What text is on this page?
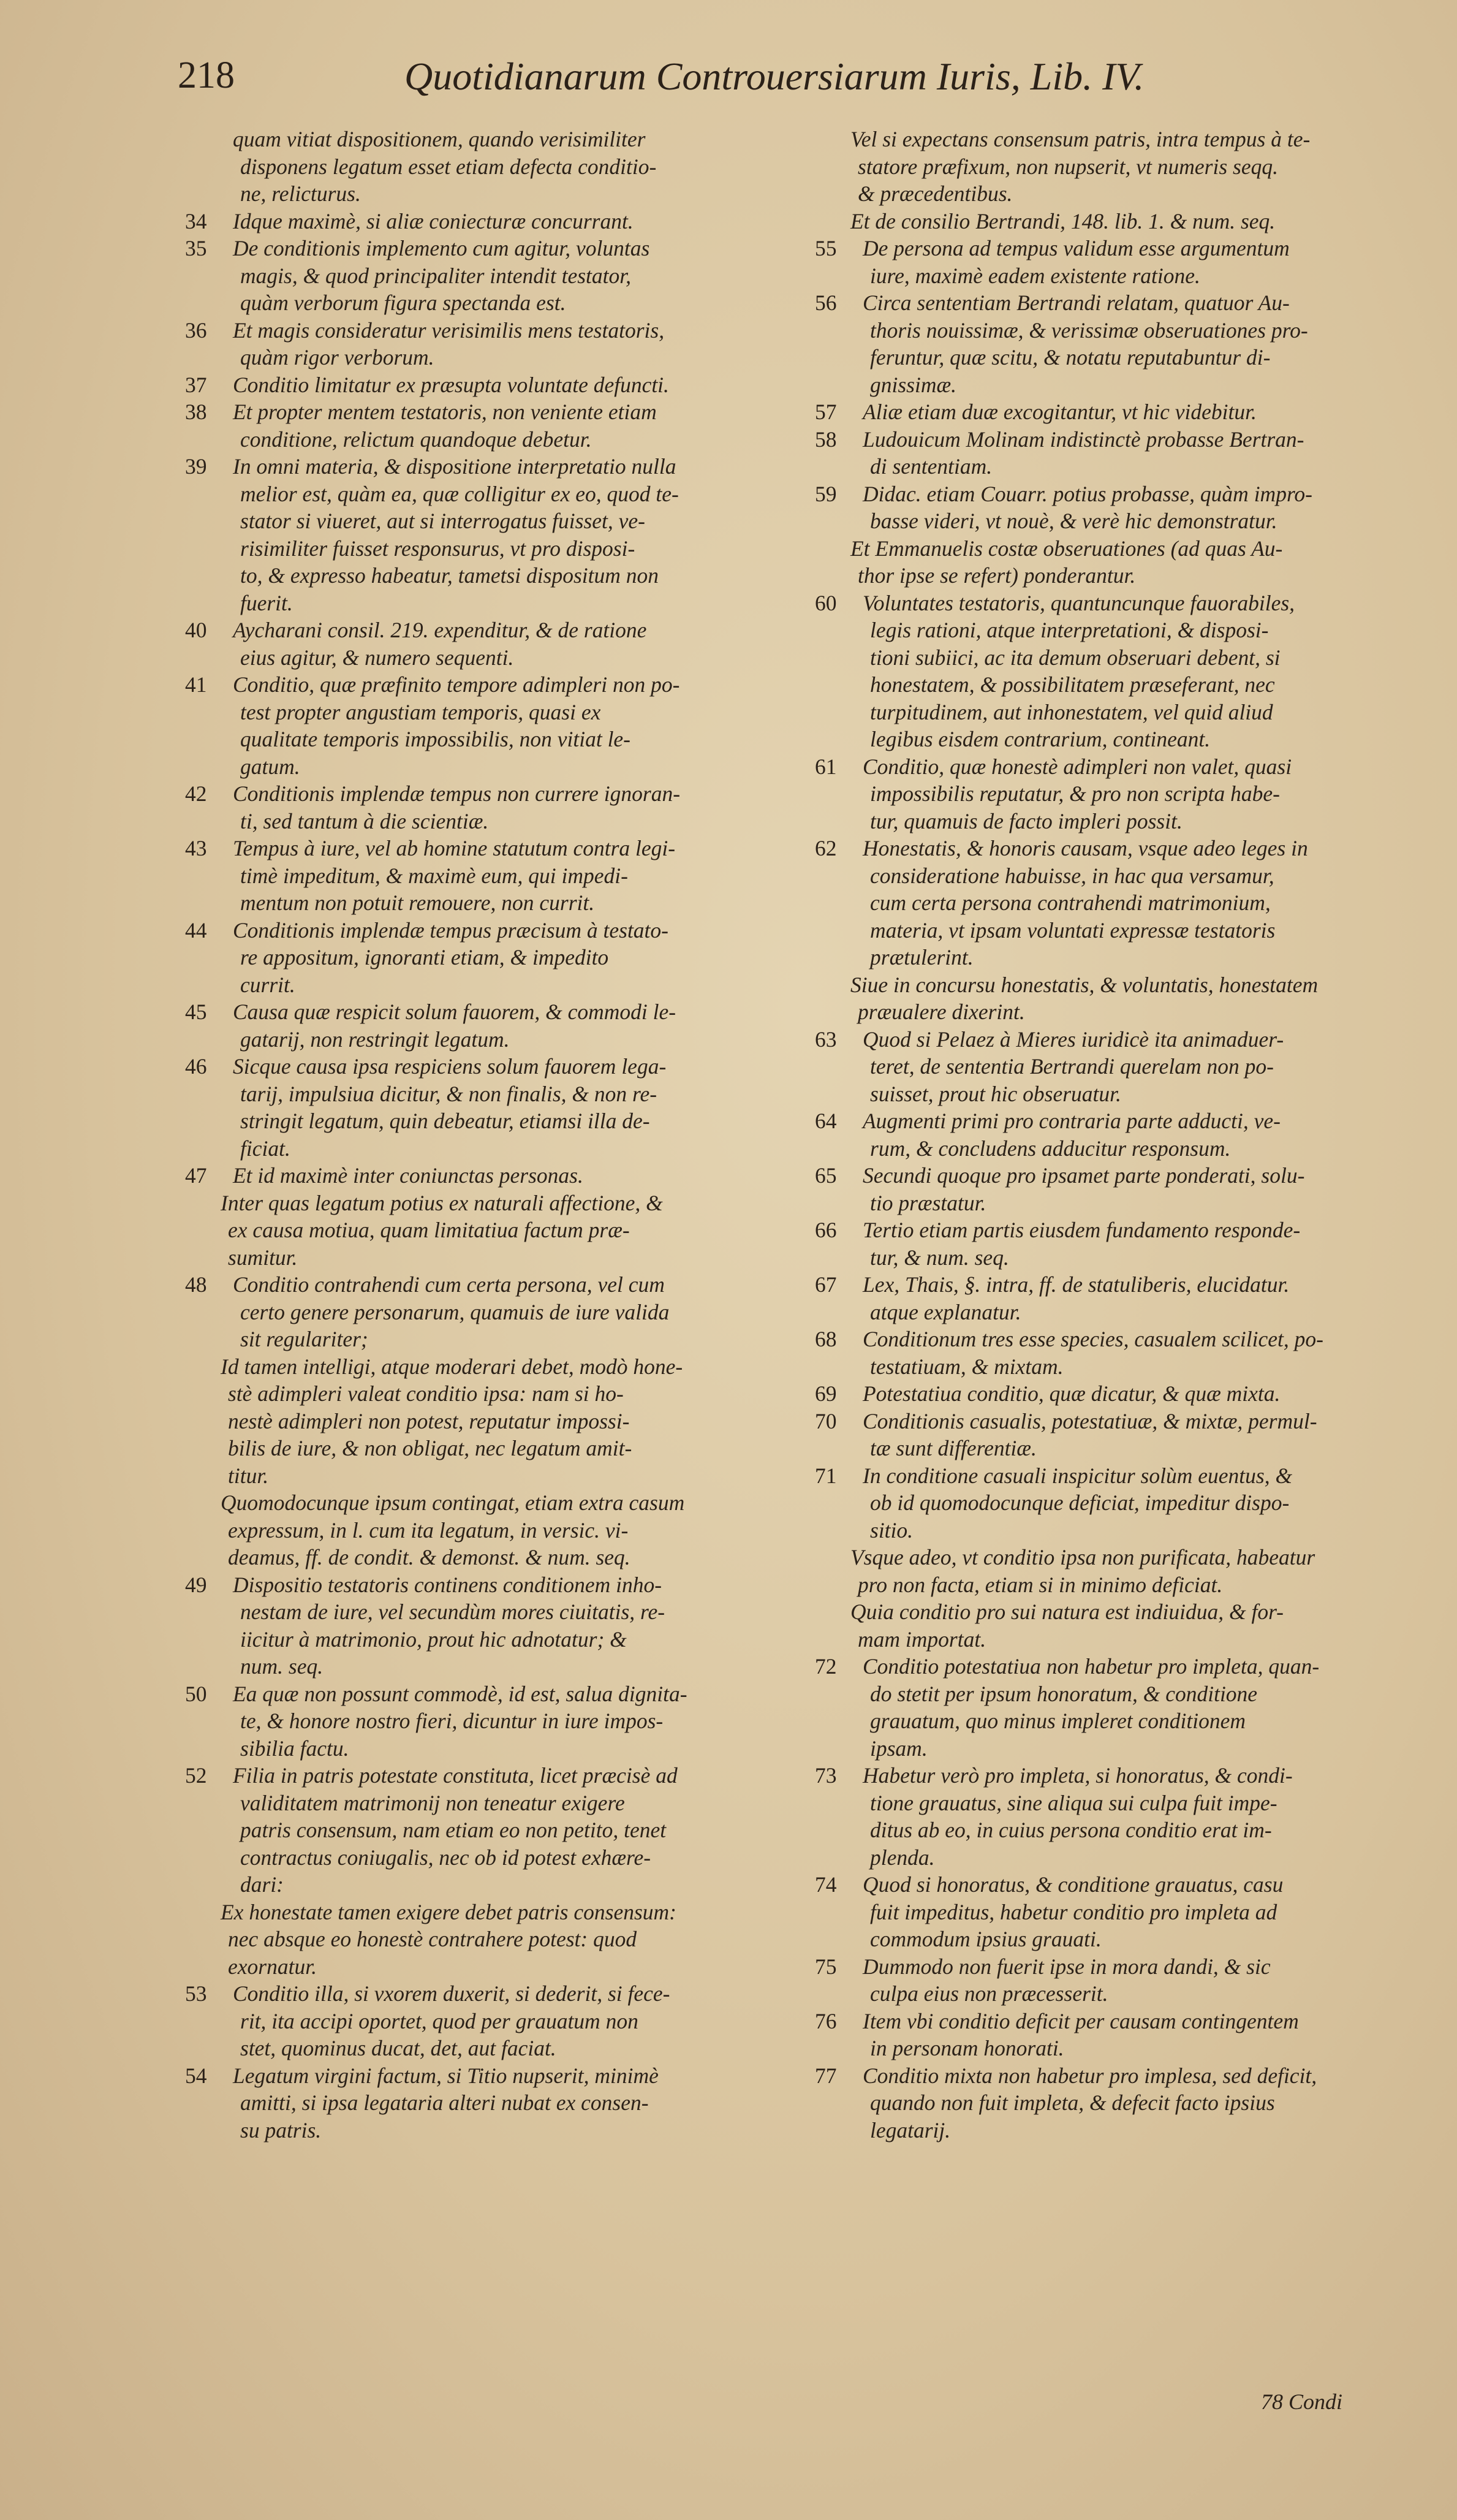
218	Quotidianarum Controuersiarum Iuris, Lib. IV.
quam vitiat dispositionem, quando verisimiliter
disponens legatum esset etiam defecta conditio-
ne, relicturus.
34 Idque maximè, si aliæ coniecturæ concurrant.
35 De conditionis implemento cum agitur, voluntas
magis, & quod principaliter intendit testator,
quàm verborum figura spectanda est.
36 Et magis consideratur verisimilis mens testatoris,
quàm rigor verborum.
37 Conditio limitatur ex præsupta voluntate defuncti.
38 Et propter mentem testatoris, non veniente etiam
conditione, relictum quandoque debetur.
39 In omni materia, & dispositione interpretatio nulla
melior est, quàm ea, quæ colligitur ex eo, quod te-
stator si viueret, aut si interrogatus fuisset, ve-
risimiliter fuisset responsurus, vt pro disposi-
to, & expresso habeatur, tametsi dispositum non
fuerit.
40 Aycharani consil. 219. expenditur, & de ratione
eius agitur, & numero sequenti.
41 Conditio, quæ præfinito tempore adimpleri non po-
test propter angustiam temporis, quasi ex
qualitate temporis impossibilis, non vitiat le-
gatum.
42 Conditionis implendæ tempus non currere ignoran-
ti, sed tantum à die scientiæ.
43 Tempus à iure, vel ab homine statutum contra legi-
timè impeditum, & maximè eum, qui impedi-
mentum non potuit remouere, non currit.
44 Conditionis implendæ tempus præcisum à testato-
re appositum, ignoranti etiam, & impedito
currit.
45 Causa quæ respicit solum fauorem, & commodi le-
gatarij, non restringit legatum.
46 Sicque causa ipsa respiciens solum fauorem lega-
tarij, impulsiua dicitur, & non finalis, & non re-
stringit legatum, quin debeatur, etiamsi illa de-
ficiat.
47 Et id maximè inter coniunctas personas.
Inter quas legatum potius ex naturali affectione, &
ex causa motiua, quam limitatiua factum præ-
sumitur.
48 Conditio contrahendi cum certa persona, vel cum
certo genere personarum, quamuis de iure valida
sit regulariter;
Id tamen intelligi, atque moderari debet, modò hone-
stè adimpleri valeat conditio ipsa: nam si ho-
nestè adimpleri non potest, reputatur impossi-
bilis de iure, & non obligat, nec legatum amit-
titur.
Quomodocunque ipsum contingat, etiam extra casum
expressum, in l. cum ita legatum, in versic. vi-
deamus, ff. de condit. & demonst. & num. seq.
49 Dispositio testatoris continens conditionem inho-
nestam de iure, vel secundùm mores ciuitatis, re-
iicitur à matrimonio, prout hic adnotatur; &
num. seq.
50 Ea quæ non possunt commodè, id est, salua dignita-
te, & honore nostro fieri, dicuntur in iure impos-
sibilia factu.
52 Filia in patris potestate constituta, licet præcisè ad
validitatem matrimonij non teneatur exigere
patris consensum, nam etiam eo non petito, tenet
contractus coniugalis, nec ob id potest exhære-
dari:
Ex honestate tamen exigere debet patris consensum:
nec absque eo honestè contrahere potest: quod
exornatur.
53 Conditio illa, si vxorem duxerit, si dederit, si fece-
rit, ita accipi oportet, quod per grauatum non
stet, quominus ducat, det, aut faciat.
54 Legatum virgini factum, si Titio nupserit, minimè
amitti, si ipsa legataria alteri nubat ex consen-
su patris.
Vel si expectans consensum patris, intra tempus à te-
statore præfixum, non nupserit, vt numeris seqq.
& præcedentibus.
Et de consilio Bertrandi, 148. lib. 1. & num. seq.
55 De persona ad tempus validum esse argumentum
iure, maximè eadem existente ratione.
56 Circa sententiam Bertrandi relatam, quatuor Au-
thoris nouissimæ, & verissimæ obseruationes pro-
feruntur, quæ scitu, & notatu reputabuntur di-
gnissimæ.
57 Aliæ etiam duæ excogitantur, vt hic videbitur.
58 Ludouicum Molinam indistinctè probasse Bertran-
di sententiam.
59 Didac. etiam Couarr. potius probasse, quàm impro-
basse videri, vt nouè, & verè hic demonstratur.
Et Emmanuelis costæ obseruationes (ad quas Au-
thor ipse se refert) ponderantur.
60 Voluntates testatoris, quantuncunque fauorabiles,
legis rationi, atque interpretationi, & disposi-
tioni subiici, ac ita demum obseruari debent, si
honestatem, & possibilitatem præseferant, nec
turpitudinem, aut inhonestatem, vel quid aliud
legibus eisdem contrarium, contineant.
61 Conditio, quæ honestè adimpleri non valet, quasi
impossibilis reputatur, & pro non scripta habe-
tur, quamuis de facto impleri possit.
62 Honestatis, & honoris causam, vsque adeo leges in
consideratione habuisse, in hac qua versamur,
cum certa persona contrahendi matrimonium,
materia, vt ipsam voluntati expressæ testatoris
prætulerint.
Siue in concursu honestatis, & voluntatis, honestatem
præualere dixerint.
63 Quod si Pelaez à Mieres iuridicè ita animaduer-
teret, de sententia Bertrandi querelam non po-
suisset, prout hic obseruatur.
64 Augmenti primi pro contraria parte adducti, ve-
rum, & concludens adducitur responsum.
65 Secundi quoque pro ipsamet parte ponderati, solu-
tio præstatur.
66 Tertio etiam partis eiusdem fundamento responde-
tur, & num. seq.
67 Lex, Thais, §. intra, ff. de statuliberis, elucidatur.
atque explanatur.
68 Conditionum tres esse species, casualem scilicet, po-
testatiuam, & mixtam.
69 Potestatiua conditio, quæ dicatur, & quæ mixta.
70 Conditionis casualis, potestatiuæ, & mixtæ, permul-
tæ sunt differentiæ.
71 In conditione casuali inspicitur solùm euentus, &
ob id quomodocunque deficiat, impeditur dispo-
sitio.
Vsque adeo, vt conditio ipsa non purificata, habeatur
pro non facta, etiam si in minimo deficiat.
Quia conditio pro sui natura est indiuidua, & for-
mam importat.
72 Conditio potestatiua non habetur pro impleta, quan-
do stetit per ipsum honoratum, & conditione
grauatum, quo minus impleret conditionem
ipsam.
73 Habetur verò pro impleta, si honoratus, & condi-
tione grauatus, sine aliqua sui culpa fuit impe-
ditus ab eo, in cuius persona conditio erat im-
plenda.
74 Quod si honoratus, & conditione grauatus, casu
fuit impeditus, habetur conditio pro impleta ad
commodum ipsius grauati.
75 Dummodo non fuerit ipse in mora dandi, & sic
culpa eius non præcesserit.
76 Item vbi conditio deficit per causam contingentem
in personam honorati.
77 Conditio mixta non habetur pro implesa, sed deficit,
quando non fuit impleta, & defecit facto ipsius
legatarij.
78 Condi
